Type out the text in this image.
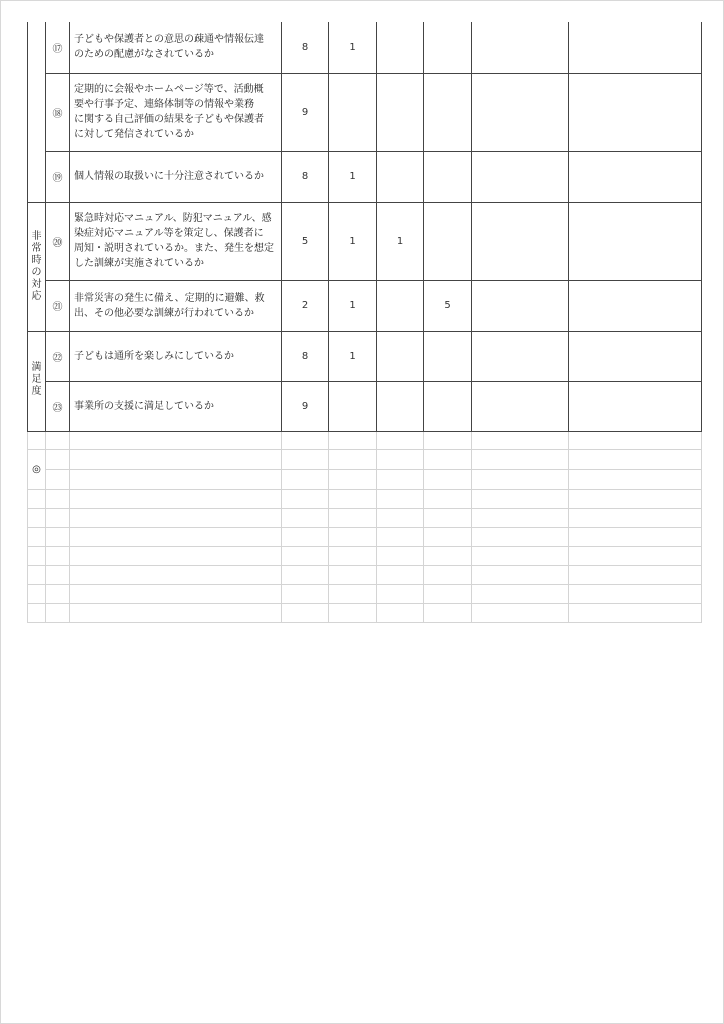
	⑰	子どもや保護者との意思の疎通や情報伝達
のための配慮がなされているか	8	1				
	⑱	定期的に会報やホームページ等で、活動概
要や行事予定、連絡体制等の情報や業務
に関する自己評価の結果を子どもや保護者
に対して発信されているか	9					
	⑲	個人情報の取扱いに十分注意されているか	8	1				
非常時の対応	⑳	緊急時対応マニュアル、防犯マニュアル、感
染症対応マニュアル等を策定し、保護者に
周知・説明されているか。また、発生を想定
した訓練が実施されているか	5	1	1			
	㉑	非常災害の発生に備え、定期的に避難、救
出、その他必要な訓練が行われているか	2	1		5		
満足度	㉒	子どもは通所を楽しみにしているか	8	1				
	㉓	事業所の支援に満足しているか	9					

◎								
